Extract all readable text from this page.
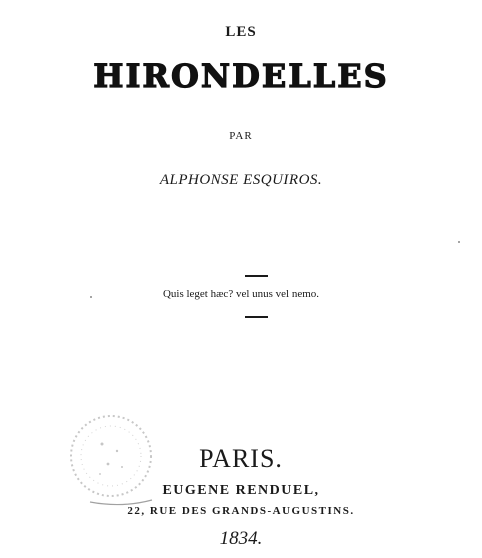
LES
HIRONDELLES
PAR
ALPHONSE ESQUIROS.
Quis leget hæc? vel unus vel nemo.
PARIS.
EUGENE RENDUEL,
22, RUE DES GRANDS-AUGUSTINS.
1834.
